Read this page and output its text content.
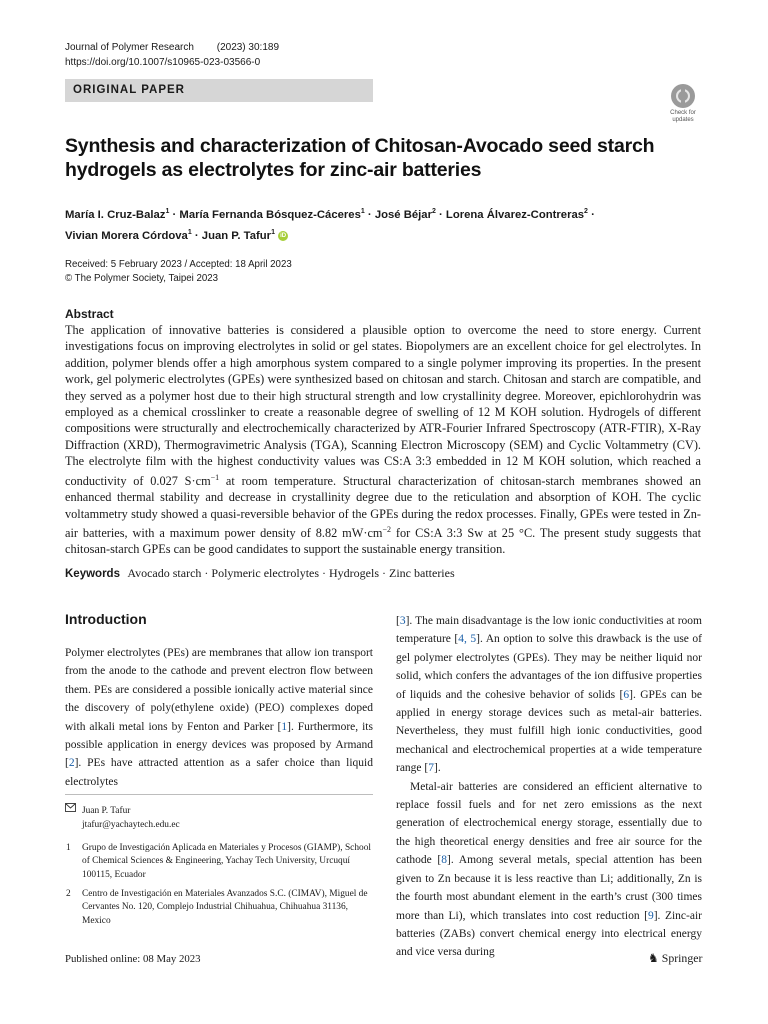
Journal of Polymer Research (2023) 30:189
https://doi.org/10.1007/s10965-023-03566-0
ORIGINAL PAPER
Check for
updates
Synthesis and characterization of Chitosan-Avocado seed starch hydrogels as electrolytes for zinc-air batteries
María I. Cruz-Balaz$^1$ · María Fernanda Bósquez-Cáceres$^1$ · José Béjar$^2$ · Lorena Álvarez-Contreras$^2$ ·
Vivian Morera Córdova$^1$ · Juan P. Tafur$^1$ iD
Received: 5 February 2023 / Accepted: 18 April 2023
© The Polymer Society, Taipei 2023
Abstract
The application of innovative batteries is considered a plausible option to overcome the need to store energy. Current investigations focus on improving electrolytes in solid or gel states. Biopolymers are an excellent choice for gel electrolytes. In addition, polymer blends offer a high amorphous system compared to a single polymer improving its properties. In the present work, gel polymeric electrolytes (GPEs) were synthesized based on chitosan and starch. Chitosan and starch are compatible, and they served as a polymer host due to their high structural strength and low crystallinity degree. Moreover, epichlorohydrin was employed as a chemical crosslinker to create a reasonable degree of swelling of 12 M KOH solution. Hydrogels of different compositions were structurally and electrochemically characterized by ATR-Fourier Infrared Spectroscopy (ATR-FTIR), X-Ray Diffraction (XRD), Thermogravimetric Analysis (TGA), Scanning Electron Microscopy (SEM) and Cyclic Voltammetry (CV). The electrolyte film with the highest conductivity values was CS:A 3:3 embedded in 12 M KOH solution, which reached a conductivity of 0.027 $S\cdot cm^{-1}$ at room temperature. Structural characterization of chitosan-starch membranes showed an enhanced thermal stability and decrease in crystallinity degree due to the reticulation and absorption of KOH. The cyclic voltammetry study showed a quasi-reversible behavior of the GPEs during the redox processes. Finally, GPEs were tested in Zn-air batteries, with a maximum power density of 8.82 $mW\cdot cm^{-2}$ for CS:A 3:3 Sw at 25 °C. The present study suggests that chitosan-starch GPEs can be good candidates to support the sustainable energy transition.
Keywords Avocado starch · Polymeric electrolytes · Hydrogels · Zinc batteries
Introduction
Polymer electrolytes (PEs) are membranes that allow ion transport from the anode to the cathode and prevent electron flow between them. PEs are considered a possible ionically active material since the discovery of poly(ethylene oxide) (PEO) complexes doped with alkali metal ions by Fenton and Parker [1]. Furthermore, its possible application in energy devices was proposed by Armand [2]. PEs have attracted attention as a safer choice than liquid electrolytes

[3]. The main disadvantage is the low ionic conductivities at room temperature [4, 5]. An option to solve this drawback is the use of gel polymer electrolytes (GPEs). They may be neither liquid nor solid, which confers the advantages of the ion diffusive properties of liquids and the cohesive behavior of solids [6]. GPEs can be applied in energy storage devices such as metal-air batteries. Nevertheless, they must fulfill high ionic conductivities, good mechanical and electrochemical properties at a wide temperature range [7].

Metal-air batteries are considered an efficient alternative to replace fossil fuels and for net zero emissions as the next generation of electrochemical energy storage, essentially due to the high theoretical energy densities and free air source for the cathode [8]. Among several metals, special attention has been given to Zn because it is less reactive than Li; additionally, Zn is the fourth most abundant element in the earth’s crust (300 times more than Li), which translates into cost reduction [9]. Zinc-air batteries (ZABs) convert chemical energy into electrical energy and vice versa during

Juan P. Tafur
jtafur@yachaytech.edu.ec
1 Grupo de Investigación Aplicada en Materiales y Procesos (GIAMP), School of Chemical Sciences & Engineering, Yachay Tech University, Urcuquí 100115, Ecuador
2 Centro de Investigación en Materiales Avanzados S.C. (CIMAV), Miguel de Cervantes No. 120, Complejo Industrial Chihuahua, Chihuahua 31136, Mexico
Published online: 08 May 2023	♞ Springer
